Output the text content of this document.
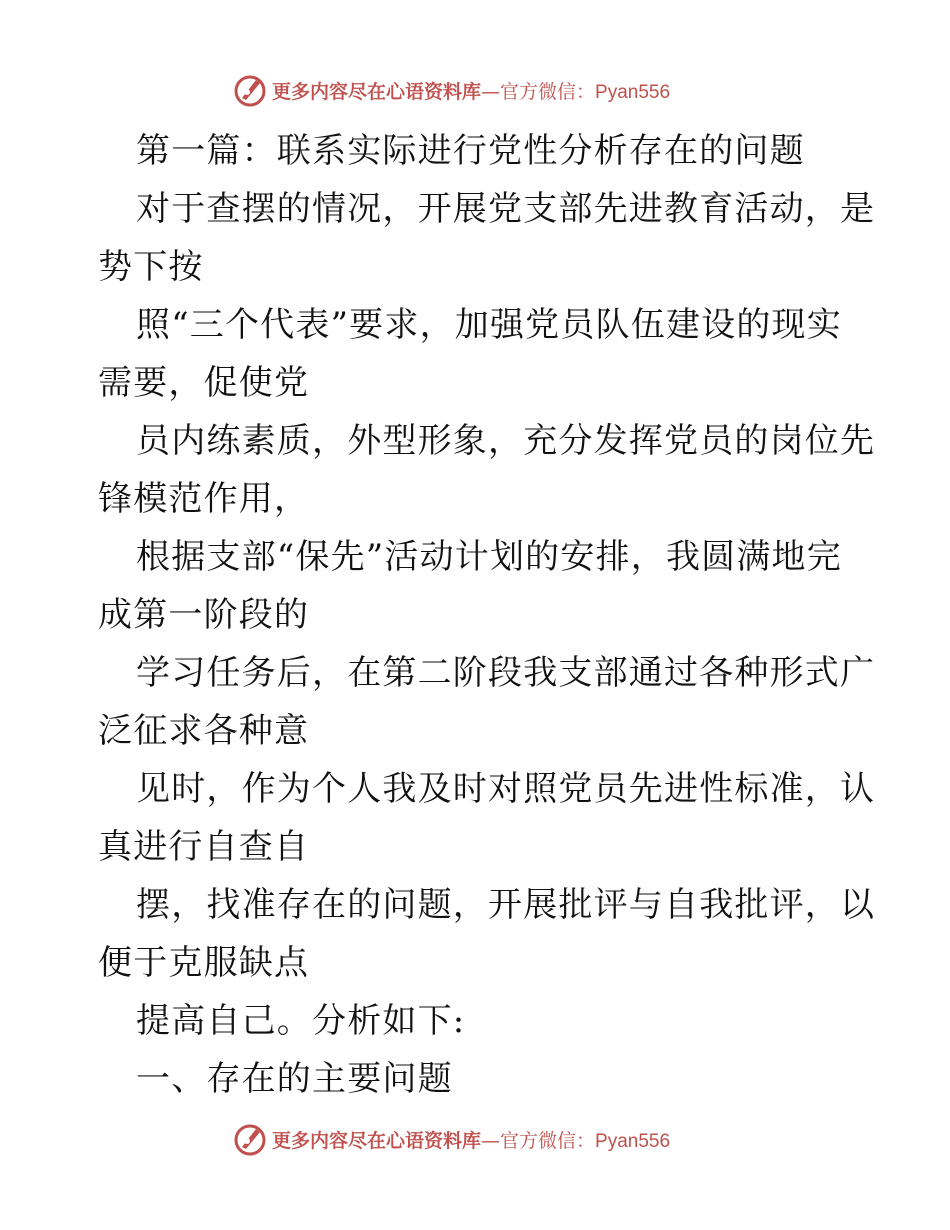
更多内容尽在心语资料库—官方微信：Pyan556
第一篇：联系实际进行党性分析存在的问题
对于查摆的情况，开展党支部先进教育活动，是
势下按
照“三个代表”要求，加强党员队伍建设的现实
需要，促使党
员内练素质，外型形象，充分发挥党员的岗位先
锋模范作用，
根据支部“保先”活动计划的安排，我圆满地完
成第一阶段的
学习任务后，在第二阶段我支部通过各种形式广
泛征求各种意
见时，作为个人我及时对照党员先进性标准，认
真进行自查自
摆，找准存在的问题，开展批评与自我批评，以
便于克服缺点
提高自己。分析如下:
一、存在的主要问题
更多内容尽在心语资料库—官方微信：Pyan556
